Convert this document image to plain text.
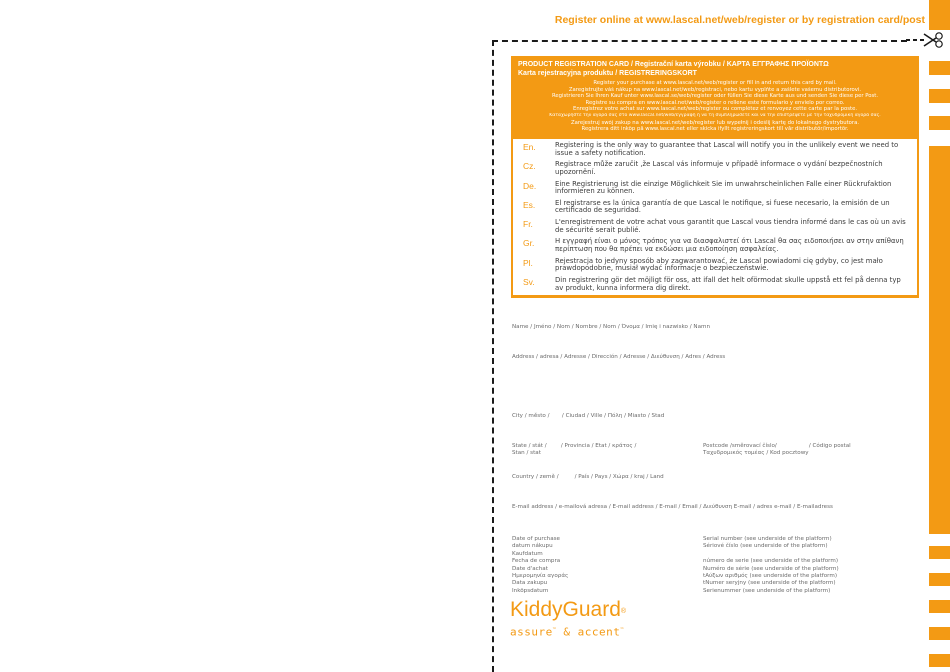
Register online at www.lascal.net/web/register or by registration card/post
PRODUCT REGISTRATION CARD / Registrační karta výrobku / ΚΑΡΤΑ ΕΓΓΡΑΦΗΣ ΠΡΟΪΟΝΤΩ
Karta rejestracyjna produktu / REGISTRERINGSKORT
Register your purchase at www.lascal.net/web/register or fill in and return this card by mail.
Zaregistrujte váš nákup na www.lascal.net/web/registraci, nebo kartu vyplňte a zašlete vašemu distributorovi.
Registrieren Sie Ihren Kauf unter www.lascal.se/web/register oder füllen Sie diese Karte aus und senden Sie diese per Post.
Registre su compra en www.lascal.net/web/register o rellene este formulario y envíelo por correo.
Enregistrez votre achat sur www.lascal.net/web/register ou complétez et renvoyez cette carte par la poste.
Καταχωρήστε την αγορά σας στο www.lascal.net/web/εγγραφή ή να τη συμπληρώσετε και να την επιστρέψετε με την ταχυδρομική αγορά σας.
Zarejestruj swój zakup na www.lascal.net/web/register lub wypełnij i odeślij kartę do lokalnego dystrybutora.
Registrera ditt inköp på www.lascal.net eller skicka ifyllt registreringskort till vår distributör/importör.
En.	Registering is the only way to guarantee that Lascal will notify you in the unlikely event we need to issue a safety notification.
Cz.	Registrace může zaručit ,že Lascal vás informuje v případě informace o vydání bezpečnostních upozornění.
De.	Eine Registrierung ist die einzige Möglichkeit Sie im unwahrscheinlichen Falle einer Rückrufaktion informieren zu können.
Es.	El registrarse es la única garantía de que Lascal le notifique, si fuese necesario, la emisión de un certificado de seguridad.
Fr.	L'enregistrement de votre achat vous garantit que Lascal vous tiendra informé dans le cas où un avis de sécurité serait publié.
Gr.	Η εγγραφή είναι ο μόνος τρόπος για να διασφαλιστεί ότι Lascal θα σας ειδοποιήσει αν στην απίθανη περίπτωση που θα πρέπει να εκδώσει μια ειδοποίηση ασφαλείας.
Pl.	Rejestracja to jedyny sposób aby zagwarantować, że Lascal powiadomi cię gdyby, co jest mało prawdopodobne, musiał wydać informacje o bezpieczeństwie.
Sv.	Din registrering gör det möjligt för oss, att ifall det helt oförmodat skulle uppstå ett fel på denna typ av produkt, kunna informera dig direkt.
Name / Jméno / Nom / Nombre / Nom / Όνομα / Imię i nazwisko / Namn
Address / adresa / Adresse / Dirección / Adresse / Διεύθυνση / Adres / Adress
City / město /       / Ciudad / Ville / Πόλη / Miasto / Stad
State / stát /        / Provincia / Etat / κράτος /
Stan / stat
Postcode /směrovací číslo/                  / Código postal
Ταχυδρομικός τομέας / Kod pocztowy
Country / země /         / País / Pays / Χώρα / kraj / Land
E-mail address / e-mailová adresa / E-mail address / E-mail / Email / Διεύθυνση E-mail / adres e-mail / E-mailadress
Date of purchase
datum nákupu
Kaufdatum
Fecha de compra
Date d'achat
Ημερομηνία αγοράς
Data zakupu
Inköpsdatum
Serial number (see underside of the platform)
Sériové číslo (see underside of the platform)
número de serie (see underside of the platform)
Numéro de série (see underside of the platform)
tAύξων αριθμός (see underside of the platform)
tNumer seryjny (see underside of the platform)
Serienummer (see underside of the platform)
KiddyGuard®
assure™ & accent™
